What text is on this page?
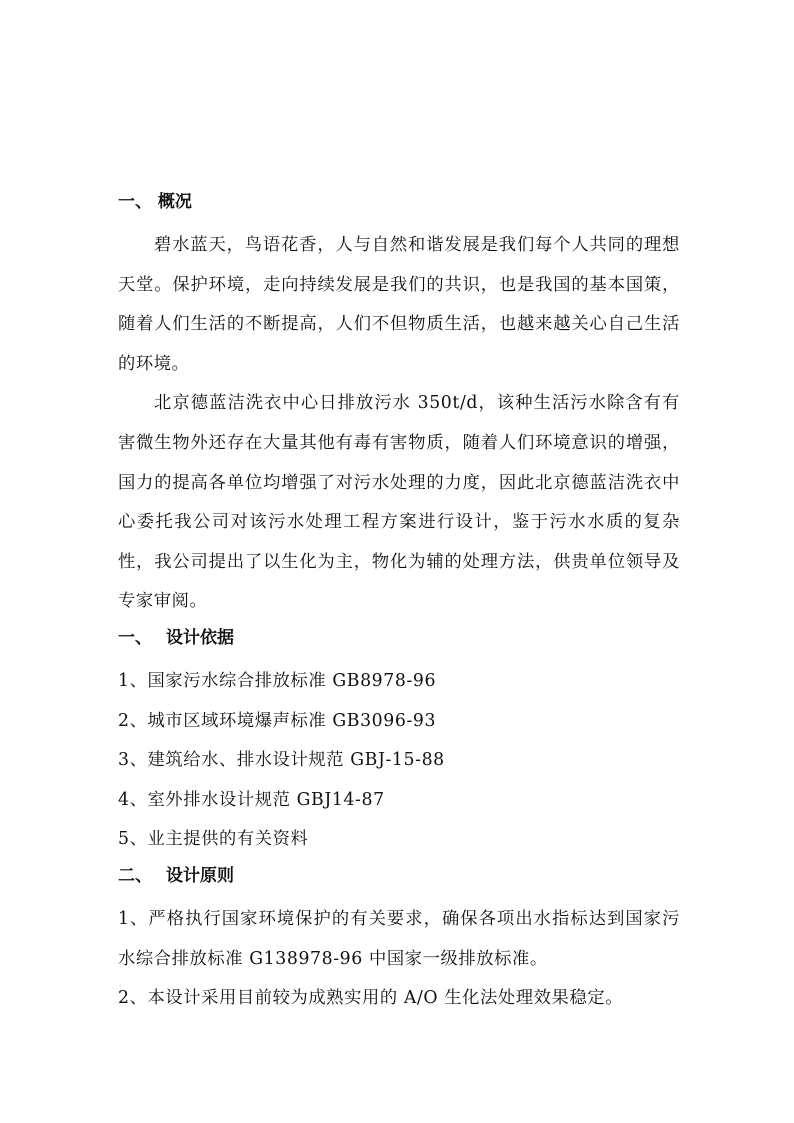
一、 概况

碧水蓝天，鸟语花香，人与自然和谐发展是我们每个人共同的理想天堂。保护环境，走向持续发展是我们的共识，也是我国的基本国策，随着人们生活的不断提高，人们不但物质生活，也越来越关心自己生活的环境。

北京德蓝洁洗衣中心日排放污水 350t/d，该种生活污水除含有有害微生物外还存在大量其他有毒有害物质，随着人们环境意识的增强，国力的提高各单位均增强了对污水处理的力度，因此北京德蓝洁洗衣中心委托我公司对该污水处理工程方案进行设计，鉴于污水水质的复杂性，我公司提出了以生化为主，物化为辅的处理方法，供贵单位领导及专家审阅。

一、 设计依据
1、国家污水综合排放标准 GB8978-96
2、城市区域环境爆声标准 GB3096-93
3、建筑给水、排水设计规范 GBJ-15-88
4、室外排水设计规范 GBJ14-87
5、业主提供的有关资料
二、 设计原则

1、严格执行国家环境保护的有关要求，确保各项出水指标达到国家污水综合排放标准 G138978-96 中国家一级排放标准。

2、本设计采用目前较为成熟实用的 A/O 生化法处理效果稳定。
